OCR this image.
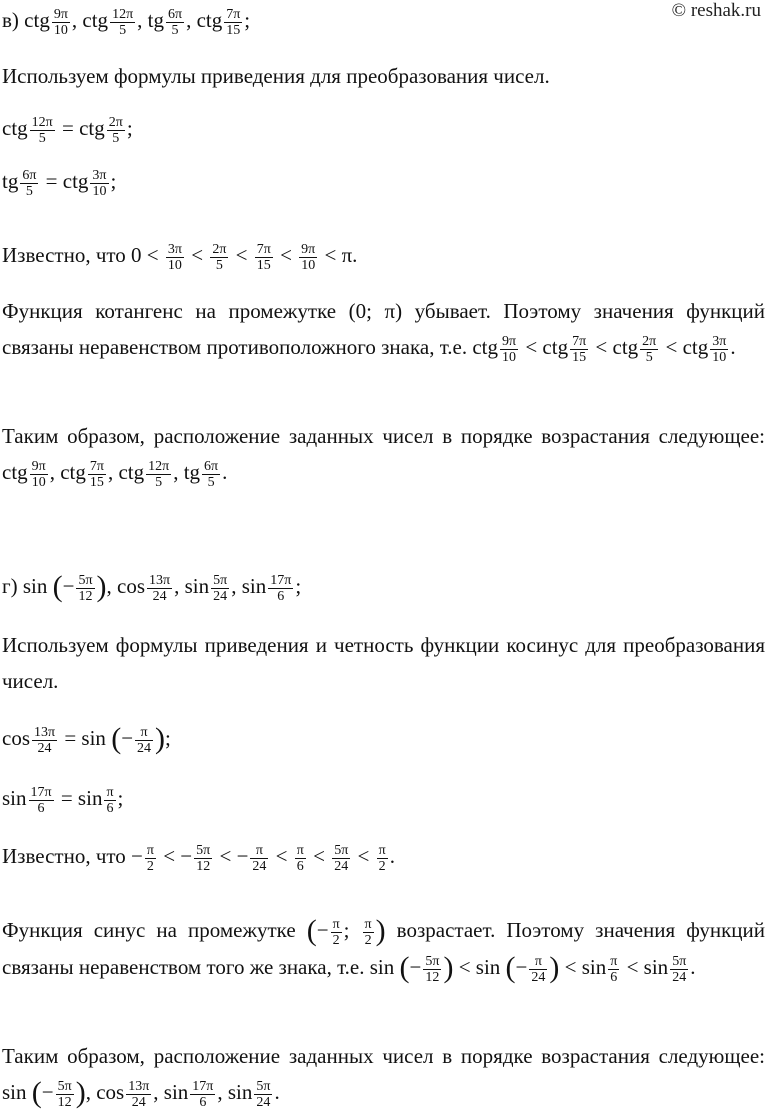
© reshak.ru
в) ctg $\frac{9\pi}{10}$ , ctg $\frac{12\pi}{5}$ , tg $\frac{6\pi}{5}$ , ctg $\frac{7\pi}{15}$ ;
Используем формулы приведения для преобразования чисел.
ctg $\frac{12\pi}{5}$ = ctg $\frac{2\pi}{5}$ ;
tg $\frac{6\pi}{5}$ = ctg $\frac{3\pi}{10}$ ;
Известно, что $0 < \frac{3\pi}{10} < \frac{2\pi}{5} < \frac{7\pi}{15} < \frac{9\pi}{10} < \pi$.
Функция котангенс на промежутке (0; π) убывает. Поэтому значения функций связаны неравенством противоположного знака, т.е. ctg $\frac{9\pi}{10}$ < ctg $\frac{7\pi}{15}$ < ctg $\frac{2\pi}{5}$ < ctg $\frac{3\pi}{10}$ .
Таким образом, расположение заданных чисел в порядке возрастания следующее: ctg $\frac{9\pi}{10}$ , ctg $\frac{7\pi}{15}$ , ctg $\frac{12\pi}{5}$ , tg $\frac{6\pi}{5}$ .
г) sin (− $\frac{5\pi}{12}$ ), $\cos \frac{13\pi}{24}$ , $\sin \frac{5\pi}{24}$ , $\sin \frac{17\pi}{6}$ ;
Используем формулы приведения и четность функции косинус для преобразования чисел.
$\cos \frac{13\pi}{24} = \sin$ (− $\frac{\pi}{24}$ );
$\sin \frac{17\pi}{6} = \sin \frac{\pi}{6}$ ;
Известно, что − $\frac{\pi}{2}$ < − $\frac{5\pi}{12}$ < − $\frac{\pi}{24} < \frac{\pi}{6} < \frac{5\pi}{24} < \frac{\pi}{2}$ .
Функция синус на промежутке (− $\frac{\pi}{2}$ ; $\frac{\pi}{2}$ ) возрастает. Поэтому значения функций связаны неравенством того же знака, т.е. sin (− $\frac{5\pi}{12}$ ) < sin (− $\frac{\pi}{24}$ ) < $\sin \frac{\pi}{6} < \sin \frac{5\pi}{24}$ .
Таким образом, расположение заданных чисел в порядке возрастания следующее: sin (− $\frac{5\pi}{12}$ ), $\cos \frac{13\pi}{24}$ , $\sin \frac{17\pi}{6}$ , $\sin \frac{5\pi}{24}$ .
